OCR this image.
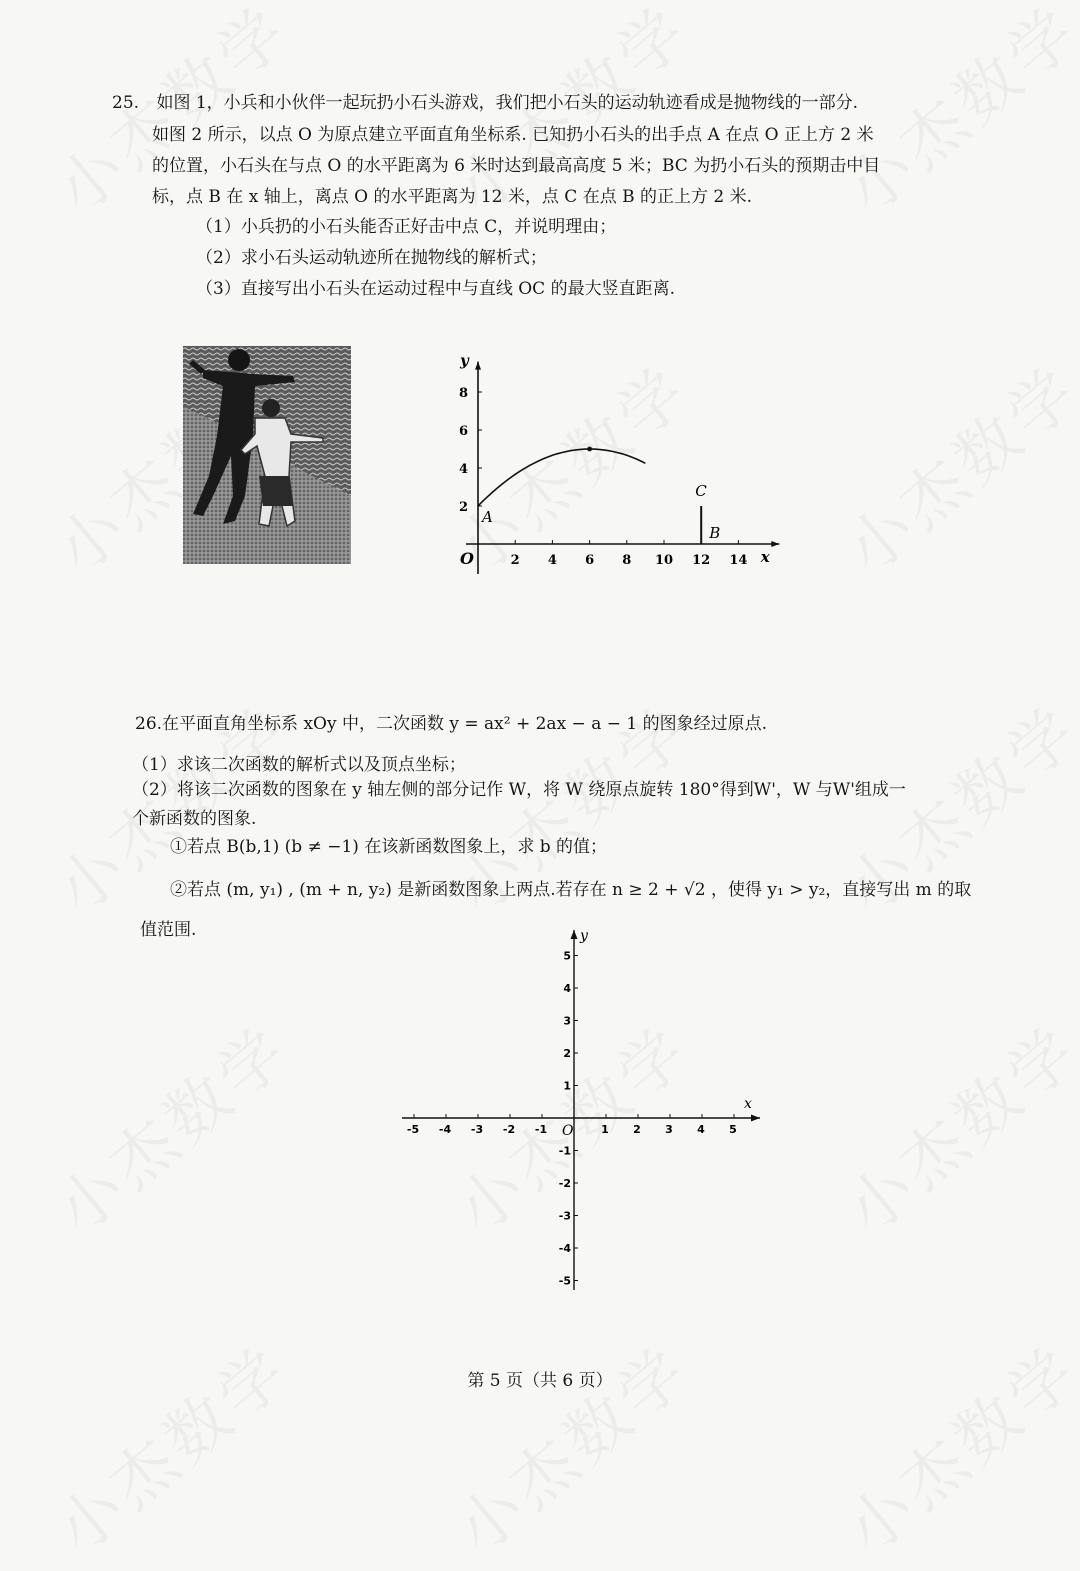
25. 如图 1，小兵和小伙伴一起玩扔小石头游戏，我们把小石头的运动轨迹看成是抛物线的一部分.
如图 2 所示，以点 O 为原点建立平面直角坐标系. 已知扔小石头的出手点 A 在点 O 正上方 2 米
的位置，小石头在与点 O 的水平距离为 6 米时达到最高高度 5 米；BC 为扔小石头的预期击中目
标，点 B 在 x 轴上，离点 O 的水平距离为 12 米，点 C 在点 B 的正上方 2 米.
（1）小兵扔的小石头能否正好击中点 C，并说明理由；
（2）求小石头运动轨迹所在抛物线的解析式；
（3）直接写出小石头在运动过程中与直线 OC 的最大竖直距离.
y
x
O	2 4 6 8 10 12 14
8
6
4
2
A
C
B
26.在平面直角坐标系 xOy 中，二次函数 y = ax² + 2ax − a − 1 的图象经过原点.
（1）求该二次函数的解析式以及顶点坐标；
（2）将该二次函数的图象在 y 轴左侧的部分记作 W，将 W 绕原点旋转 180°得到W'，W 与W'组成一
个新函数的图象.
①若点 B(b,1) (b ≠ −1) 在该新函数图象上，求 b 的值；
②若点 (m, y₁) , (m + n, y₂) 是新函数图象上两点.若存在 n ≥ 2 + √2 ，使得 y₁ > y₂，直接写出 m 的取
值范围.	y
x
O
-5 -4 -3 -2 -1	1 2 3 4 5
5
4
3
2
1
-1
-2
-3
-4
-5
第 5 页（共 6 页）
